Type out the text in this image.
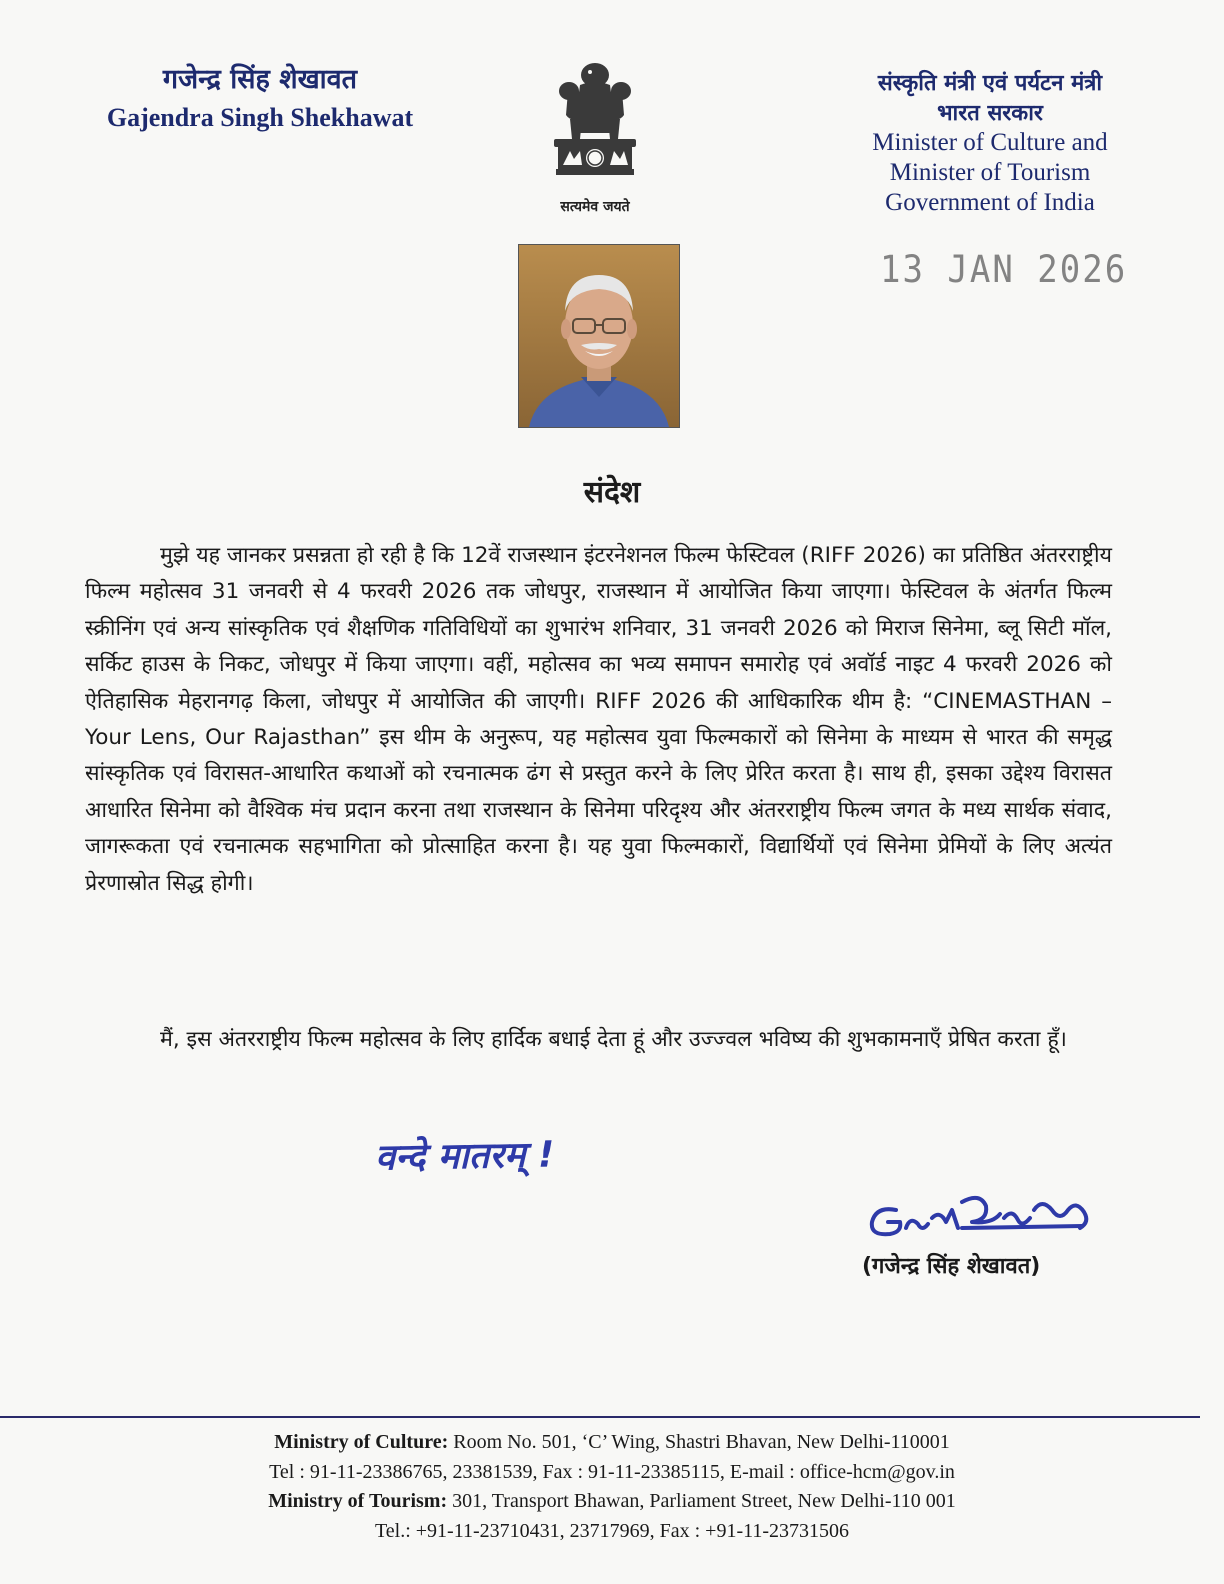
गजेन्द्र सिंह शेखावत
Gajendra Singh Shekhawat
सत्यमेव जयते
संस्कृति मंत्री एवं पर्यटन मंत्री
भारत सरकार
Minister of Culture and
Minister of Tourism
Government of India
13 JAN 2026
संदेश

मुझे यह जानकर प्रसन्नता हो रही है कि 12वें राजस्थान इंटरनेशनल फिल्म फेस्टिवल (RIFF 2026) का प्रतिष्ठित अंतरराष्ट्रीय फिल्म महोत्सव 31 जनवरी से 4 फरवरी 2026 तक जोधपुर, राजस्थान में आयोजित किया जाएगा। फेस्टिवल के अंतर्गत फिल्म स्क्रीनिंग एवं अन्य सांस्कृतिक एवं शैक्षणिक गतिविधियों का शुभारंभ शनिवार, 31 जनवरी 2026 को मिराज सिनेमा, ब्लू सिटी मॉल, सर्किट हाउस के निकट, जोधपुर में किया जाएगा। वहीं, महोत्सव का भव्य समापन समारोह एवं अवॉर्ड नाइट 4 फरवरी 2026 को ऐतिहासिक मेहरानगढ़ किला, जोधपुर में आयोजित की जाएगी। RIFF 2026 की आधिकारिक थीम है: “CINEMASTHAN – Your Lens, Our Rajasthan” इस थीम के अनुरूप, यह महोत्सव युवा फिल्मकारों को सिनेमा के माध्यम से भारत की समृद्ध सांस्कृतिक एवं विरासत-आधारित कथाओं को रचनात्मक ढंग से प्रस्तुत करने के लिए प्रेरित करता है। साथ ही, इसका उद्देश्य विरासत आधारित सिनेमा को वैश्विक मंच प्रदान करना तथा राजस्थान के सिनेमा परिदृश्य और अंतरराष्ट्रीय फिल्म जगत के मध्य सार्थक संवाद, जागरूकता एवं रचनात्मक सहभागिता को प्रोत्साहित करना है। यह युवा फिल्मकारों, विद्यार्थियों एवं सिनेमा प्रेमियों के लिए अत्यंत प्रेरणास्रोत सिद्ध होगी।

मैं, इस अंतरराष्ट्रीय फिल्म महोत्सव के लिए हार्दिक बधाई देता हूं और उज्ज्वल भविष्य की शुभकामनाएँ प्रेषित करता हूँ।

वन्दे मातरम् !
(गजेन्द्र सिंह शेखावत)
Ministry of Culture: Room No. 501, ‘C’ Wing, Shastri Bhavan, New Delhi-110001
Tel : 91-11-23386765, 23381539, Fax : 91-11-23385115, E-mail : office-hcm@gov.in
Ministry of Tourism: 301, Transport Bhawan, Parliament Street, New Delhi-110 001
Tel.: +91-11-23710431, 23717969, Fax : +91-11-23731506
